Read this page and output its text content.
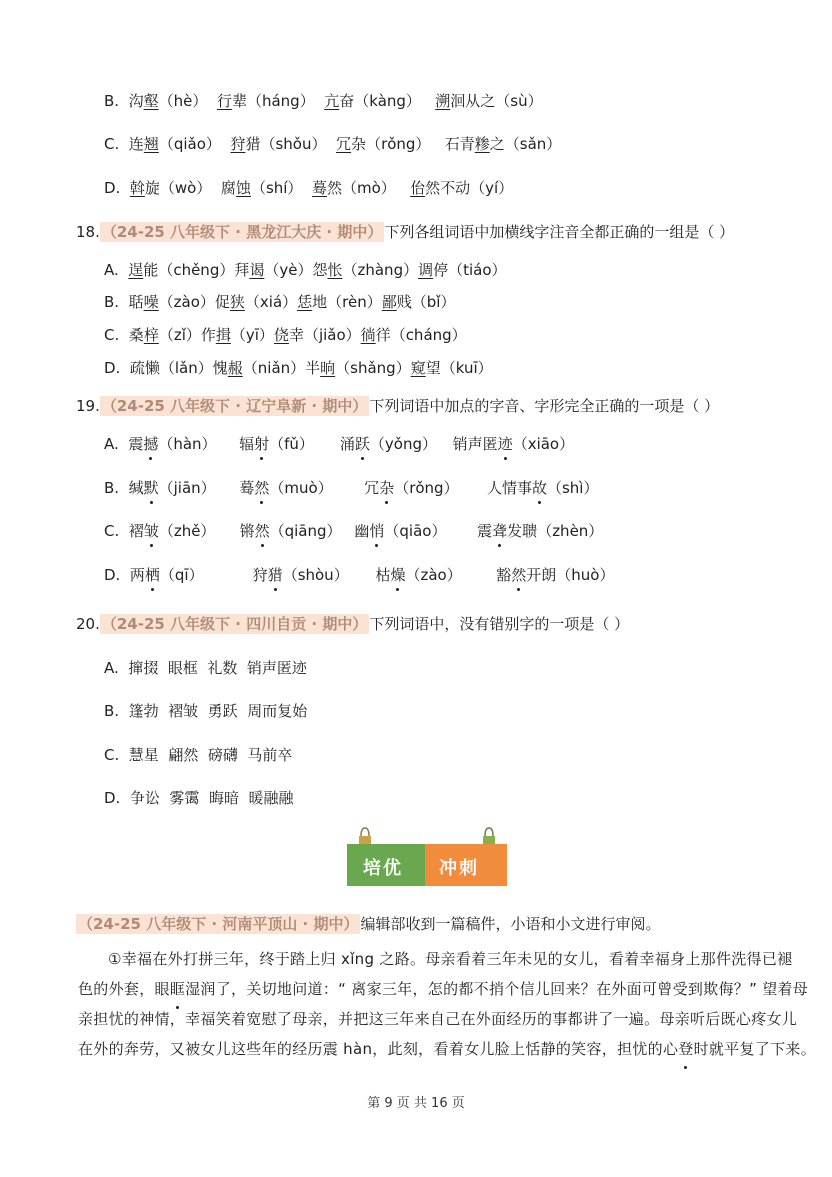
B. 沟壑（hè） 行辈（háng） 亢奋（kàng） 溯洄从之（sù）
C. 连翘（qiǎo） 狩猎（shǒu） 冗杂（rǒng） 石青糁之（sǎn）
D. 斡旋（wò） 腐蚀（shí） 蓦然（mò） 佁然不动（yí）
18. （24-25 八年级下 · 黑龙江大庆 · 期中） 下列各组词语中加横线字注音全都正确的一组是（ ）
A. 逞能（chěng）拜谒（yè）怨怅（zhàng）调停（tiáo）
B. 聒噪（zào）促狭（xiá）恁地（rèn）鄙贱（bǐ）
C. 桑梓（zǐ）作揖（yī）侥幸（jiǎo）徜徉（cháng）
D. 疏懒（lǎn）愧赧（niǎn）半晌（shǎng）窥望（kuī）
19. （24-25 八年级下 · 辽宁阜新 · 期中） 下列词语中加点的字音、字形完全正确的一项是（ ）
A. 震撼（hàn） 辐射（fǔ） 涌跃（yǒng） 销声匿迹（xiāo）
B. 缄默（jiān） 蓦然（muò） 冗杂（rǒng） 人情事故（shì）
C. 褶皱（zhě） 锵然（qiāng） 幽悄（qiāo） 震聋发聩（zhèn）
D. 两栖（qī）	狩猎（shòu） 枯燥（zào） 豁然开朗（huò）
20. （24-25 八年级下 · 四川自贡 · 期中） 下列词语中，没有错别字的一项是（ ）
A. 撺掇  眼框  礼数  销声匿迹
B. 篷勃  褶皱  勇跃  周而复始
C. 慧星  翩然  磅礴  马前卒
D. 争讼  雾霭  晦暗  暖融融
培优 冲刺
（24-25 八年级下 · 河南平顶山 · 期中） 编辑部收到一篇稿件，小语和小文进行审阅。
①幸福在外打拼三年，终于踏上归 xǐng 之路。母亲看着三年未见的女儿，看着幸福身上那件洗得已褪
色的外套，眼眶湿润了，关切地问道：“ 离家三年，怎的都不捎个信儿回来？在外面可曾受到欺侮？” 望着母
亲担忧的神情，幸福笑着宽慰了母亲，并把这三年来自己在外面经历的事都讲了一遍。母亲听后既心疼女儿
在外的奔劳，又被女儿这些年的经历震 hàn，此刻，看着女儿脸上恬静的笑容，担忧的心登时就平复了下来。
第 9 页 共 16 页
